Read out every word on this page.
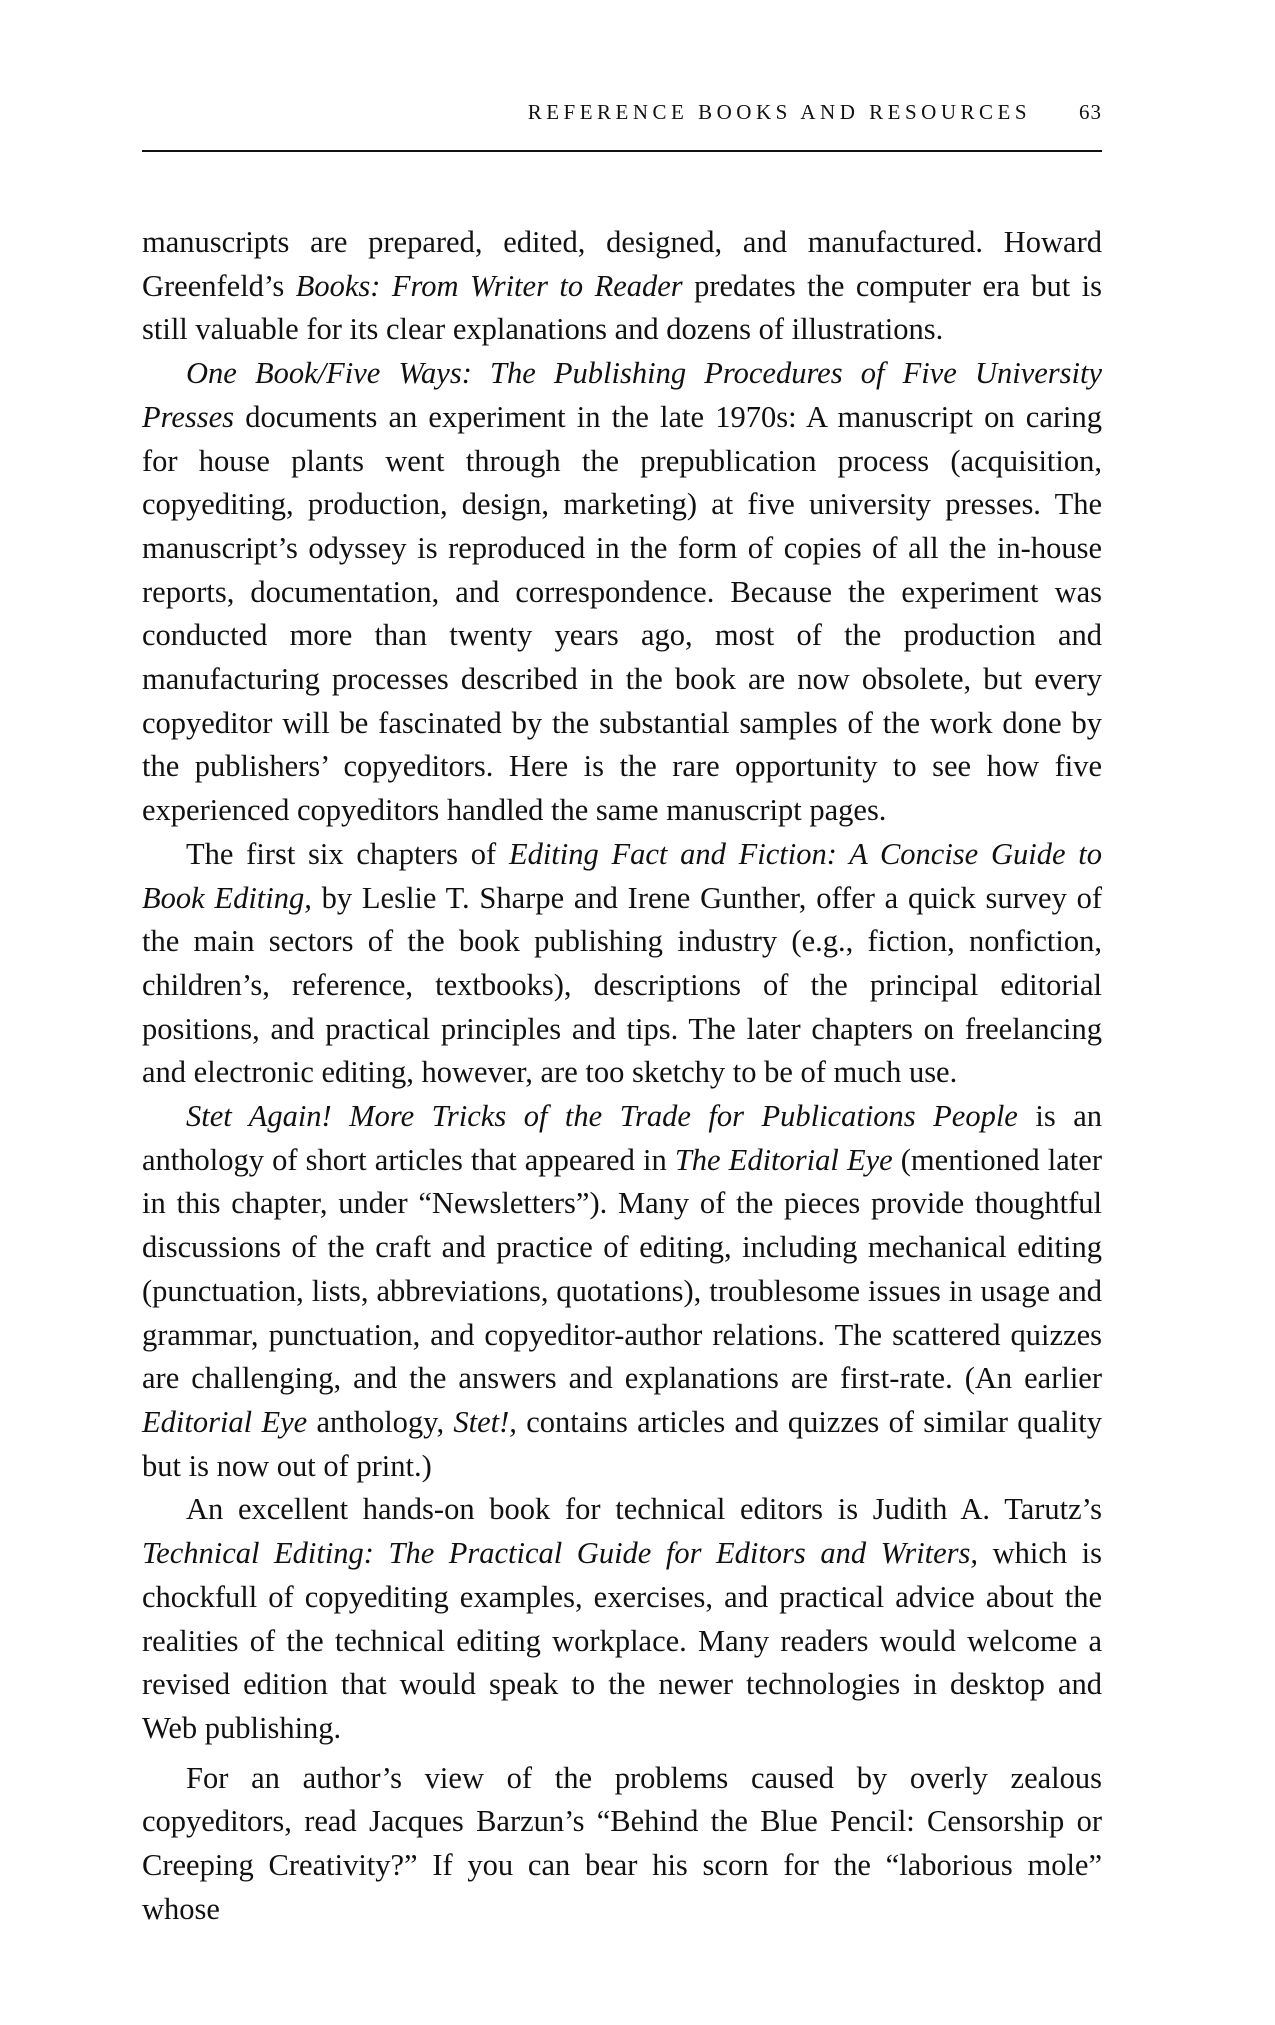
REFERENCE BOOKS AND RESOURCES 63

manuscripts are prepared, edited, designed, and manufactured. Howard Greenfeld’s Books: From Writer to Reader predates the computer era but is still valuable for its clear explanations and dozens of illustrations.

One Book/Five Ways: The Publishing Procedures of Five University Presses documents an experiment in the late 1970s: A manuscript on caring for house plants went through the prepublication process (acquisition, copyediting, production, design, marketing) at five university presses. The manuscript’s odyssey is reproduced in the form of copies of all the in-house reports, documentation, and correspondence. Because the experiment was conducted more than twenty years ago, most of the production and manufacturing processes described in the book are now obsolete, but every copyeditor will be fascinated by the substantial samples of the work done by the publishers’ copyeditors. Here is the rare opportunity to see how five experienced copyeditors handled the same manuscript pages.

The first six chapters of Editing Fact and Fiction: A Concise Guide to Book Editing, by Leslie T. Sharpe and Irene Gunther, offer a quick survey of the main sectors of the book publishing industry (e.g., fiction, nonfiction, children’s, reference, textbooks), descriptions of the principal editorial positions, and practical principles and tips. The later chapters on freelancing and electronic editing, however, are too sketchy to be of much use.

Stet Again! More Tricks of the Trade for Publications People is an anthology of short articles that appeared in The Editorial Eye (mentioned later in this chapter, under “Newsletters”). Many of the pieces provide thoughtful discussions of the craft and practice of editing, including mechanical editing (punctuation, lists, abbreviations, quotations), troublesome issues in usage and grammar, punctuation, and copyeditor-author relations. The scattered quizzes are challenging, and the answers and explanations are first-rate. (An earlier Editorial Eye anthology, Stet!, contains articles and quizzes of similar quality but is now out of print.)

An excellent hands-on book for technical editors is Judith A. Tarutz’s Technical Editing: The Practical Guide for Editors and Writers, which is chockfull of copyediting examples, exercises, and practical advice about the realities of the technical editing workplace. Many readers would welcome a revised edition that would speak to the newer technologies in desktop and Web publishing.

For an author’s view of the problems caused by overly zealous copyeditors, read Jacques Barzun’s “Behind the Blue Pencil: Censorship or Creeping Creativity?” If you can bear his scorn for the “laborious mole” whose
